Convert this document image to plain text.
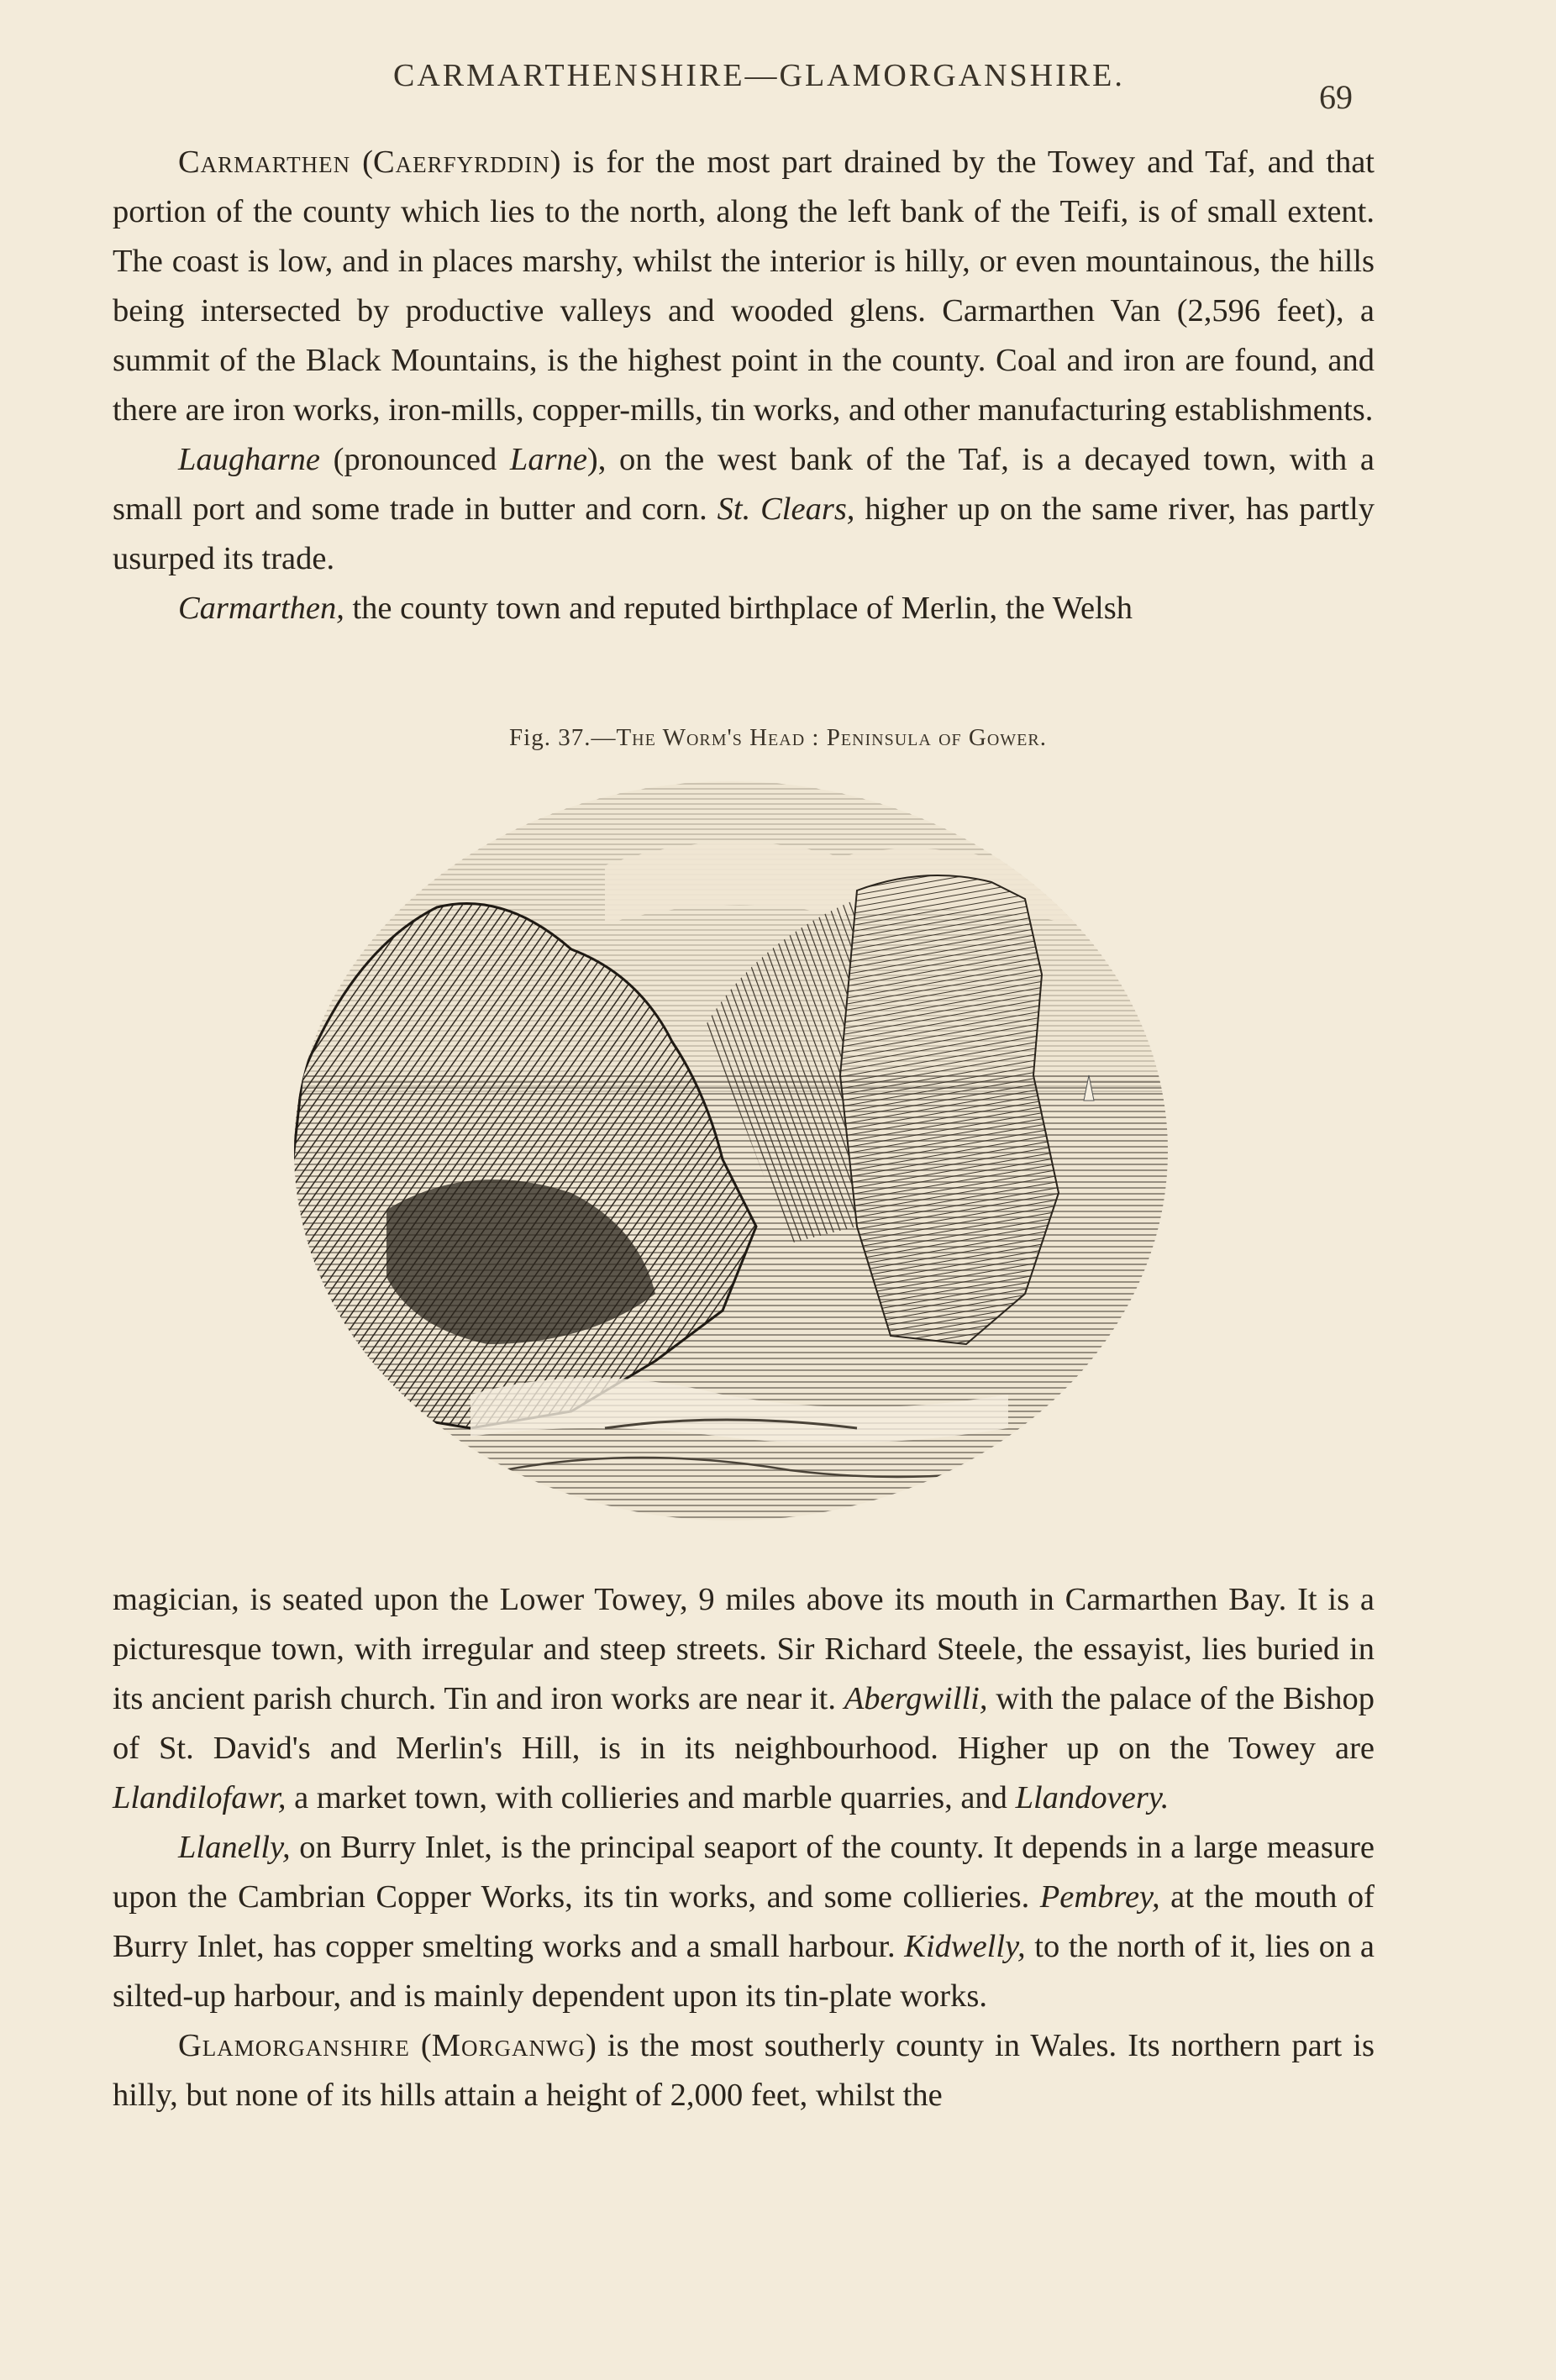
CARMARTHENSHIRE—GLAMORGANSHIRE.
69

Carmarthen (Caerfyrddin) is for the most part drained by the Towey and Taf, and that portion of the county which lies to the north, along the left bank of the Teifi, is of small extent. The coast is low, and in places marshy, whilst the interior is hilly, or even mountainous, the hills being intersected by productive valleys and wooded glens. Carmarthen Van (2,596 feet), a summit of the Black Mountains, is the highest point in the county. Coal and iron are found, and there are iron works, iron-mills, copper-mills, tin works, and other manufacturing establishments.

Laugharne (pronounced Larne), on the west bank of the Taf, is a decayed town, with a small port and some trade in butter and corn. St. Clears, higher up on the same river, has partly usurped its trade.

Carmarthen, the county town and reputed birthplace of Merlin, the Welsh

Fig. 37.—The Worm's Head : Peninsula of Gower.

magician, is seated upon the Lower Towey, 9 miles above its mouth in Carmarthen Bay. It is a picturesque town, with irregular and steep streets. Sir Richard Steele, the essayist, lies buried in its ancient parish church. Tin and iron works are near it. Abergwilli, with the palace of the Bishop of St. David's and Merlin's Hill, is in its neighbourhood. Higher up on the Towey are Llandilofawr, a market town, with collieries and marble quarries, and Llandovery.

Llanelly, on Burry Inlet, is the principal seaport of the county. It depends in a large measure upon the Cambrian Copper Works, its tin works, and some collieries. Pembrey, at the mouth of Burry Inlet, has copper smelting works and a small harbour. Kidwelly, to the north of it, lies on a silted-up harbour, and is mainly dependent upon its tin-plate works.

Glamorganshire (Morganwg) is the most southerly county in Wales. Its northern part is hilly, but none of its hills attain a height of 2,000 feet, whilst the
